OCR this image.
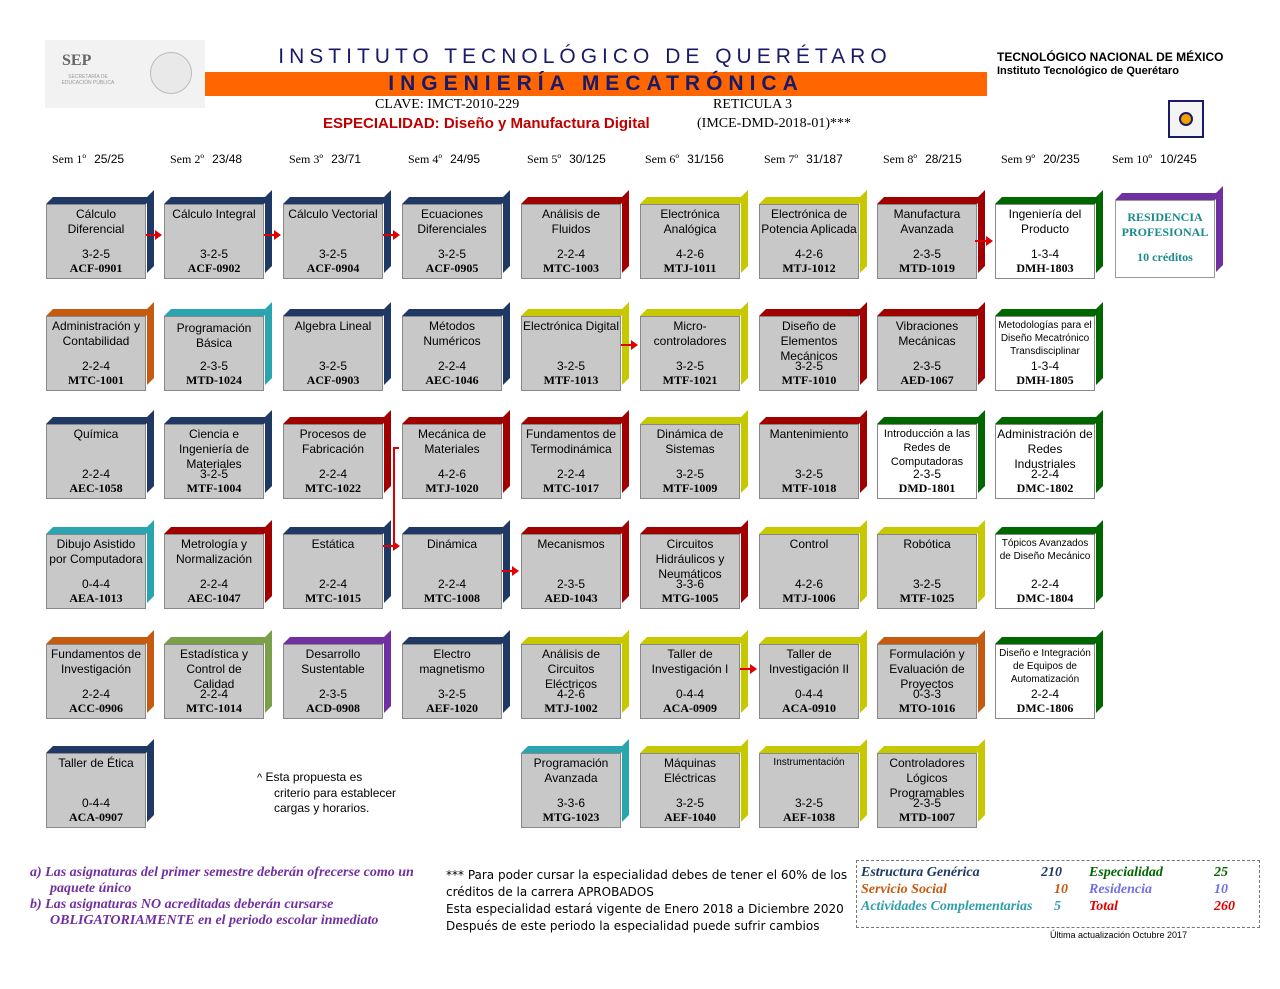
SEP
SECRETARÍA DE EDUCACIÓN PÚBLICA
INSTITUTO TECNOLÓGICO DE QUERÉTARO
INGENIERÍA MECATRÓNICA
CLAVE: IMCT-2010-229	RETICULA 3
ESPECIALIDAD: Diseño y Manufactura Digital	(IMCE-DMD-2018-01)***
TECNOLÓGICO NACIONAL DE MÉXICO
Instituto Tecnológico de Querétaro
Sem 1º 25/25	Sem 2º 23/48	Sem 3º 23/71	Sem 4º 24/95	Sem 5º 30/125	Sem 6º 31/156	Sem 7º 31/187	Sem 8º 28/215	Sem 9º 20/235	Sem 10º 10/245
Cálculo Diferencial
3-2-5
ACF-0901
Administración y Contabilidad
2-2-4
MTC-1001
Química
2-2-4
AEC-1058
Dibujo Asistido por Computadora
0-4-4
AEA-1013
Fundamentos de Investigación
2-2-4
ACC-0906
Taller de Ética
0-4-4
ACA-0907
Cálculo Integral
3-2-5
ACF-0902
Programación Básica
2-3-5
MTD-1024
Ciencia e Ingeniería de Materiales
3-2-5
MTF-1004
Metrología y Normalización
2-2-4
AEC-1047
Estadística y Control de Calidad
2-2-4
MTC-1014
Cálculo Vectorial
3-2-5
ACF-0904
Algebra Lineal
3-2-5
ACF-0903
Procesos de Fabricación
2-2-4
MTC-1022
Estática
2-2-4
MTC-1015
Desarrollo Sustentable
2-3-5
ACD-0908
Ecuaciones Diferenciales
3-2-5
ACF-0905
Métodos Numéricos
2-2-4
AEC-1046
Mecánica de Materiales
4-2-6
MTJ-1020
Dinámica
2-2-4
MTC-1008
Electro magnetismo
3-2-5
AEF-1020
Análisis de Fluidos
2-2-4
MTC-1003
Electrónica Digital
3-2-5
MTF-1013
Fundamentos de Termodinámica
2-2-4
MTC-1017
Mecanismos
2-3-5
AED-1043
Análisis de Circuitos Eléctricos
4-2-6
MTJ-1002
Programación Avanzada
3-3-6
MTG-1023
Electrónica Analógica
4-2-6
MTJ-1011
Micro-controladores
3-2-5
MTF-1021
Dinámica de Sistemas
3-2-5
MTF-1009
Circuitos Hidráulicos y Neumáticos
3-3-6
MTG-1005
Taller de Investigación I
0-4-4
ACA-0909
Máquinas Eléctricas
3-2-5
AEF-1040
Electrónica de Potencia Aplicada
4-2-6
MTJ-1012
Diseño de Elementos Mecánicos
3-2-5
MTF-1010
Mantenimiento
3-2-5
MTF-1018
Control
4-2-6
MTJ-1006
Taller de Investigación II
0-4-4
ACA-0910
Instrumentación
3-2-5
AEF-1038
Manufactura Avanzada
2-3-5
MTD-1019
Vibraciones Mecánicas
2-3-5
AED-1067
Introducción a las Redes de Computadoras
2-3-5
DMD-1801
Robótica
3-2-5
MTF-1025
Formulación y Evaluación de Proyectos
0-3-3
MTO-1016
Controladores Lógicos Programables
2-3-5
MTD-1007
Ingeniería del Producto
1-3-4
DMH-1803
Metodologías para el Diseño Mecatrónico Transdisciplinar
1-3-4
DMH-1805
Administración de Redes Industriales
2-2-4
DMC-1802
Tópicos Avanzados de Diseño Mecánico
2-2-4
DMC-1804
Diseño e Integración de Equipos de Automatización
2-2-4
DMC-1806
RESIDENCIA
PROFESIONAL
10 créditos
^ Esta propuesta es
criterio para establecer
cargas y horarios.
a) Las asignaturas del primer semestre deberán ofrecerse como un
paquete único
b) Las asignaturas NO acreditadas deberán cursarse
OBLIGATORIAMENTE en el periodo escolar inmediato
*** Para poder cursar la especialidad debes de tener el 60% de los
créditos de la carrera APROBADOS
Esta especialidad estará vigente de Enero 2018 a Diciembre 2020
Después de este periodo la especialidad puede sufrir cambios
Estructura Genérica	210 Especialidad	25
Servicio Social	10 Residencia	10
Actividades Complementarias 5 Total	260
Última actualización Octubre 2017
